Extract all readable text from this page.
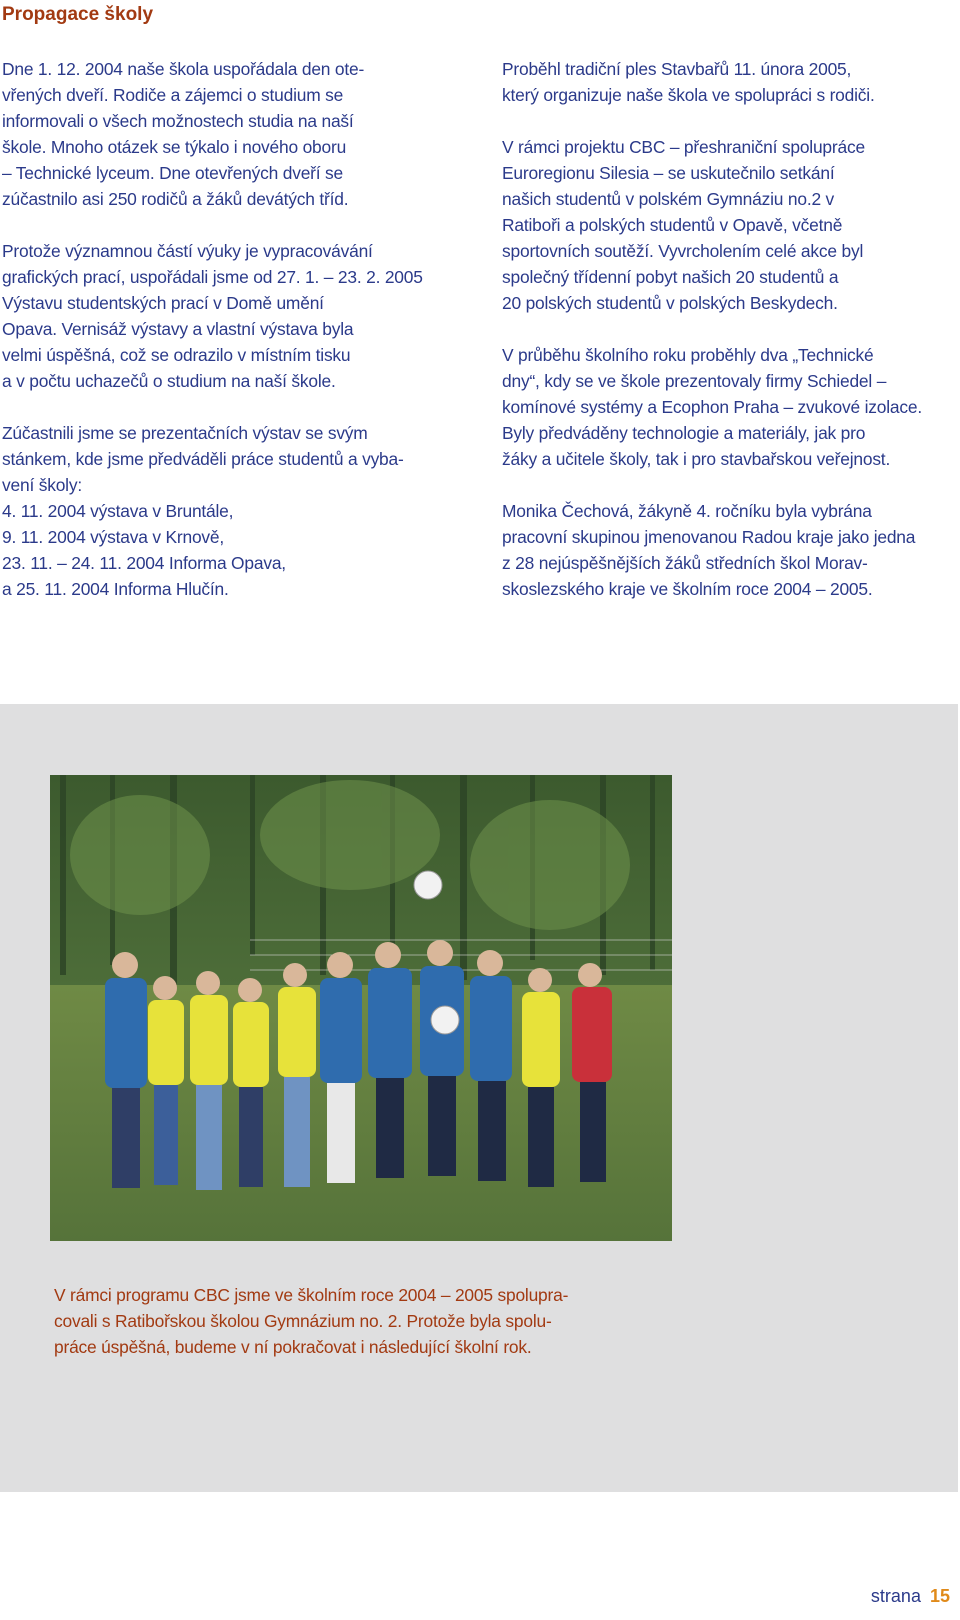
Propagace školy

Dne 1. 12. 2004 naše škola uspořádala den ote-
vřených dveří. Rodiče a zájemci o studium se
informovali o všech možnostech studia na naší
škole. Mnoho otázek se týkalo i nového oboru
– Technické lyceum. Dne otevřených dveří se
zúčastnilo asi 250 rodičů a žáků devátých tříd.

Protože významnou částí výuky je vypracovávání
grafických prací, uspořádali jsme od 27. 1. – 23. 2. 2005
Výstavu studentských prací v Domě umění
Opava. Vernisáž výstavy a vlastní výstava byla
velmi úspěšná, což se odrazilo v místním tisku
a v počtu uchazečů o studium na naší škole.

Zúčastnili jsme se prezentačních výstav se svým
stánkem, kde jsme předváděli práce studentů a vyba-
vení školy:
4. 11. 2004 výstava v Bruntále,
9. 11. 2004 výstava v Krnově,
23. 11. – 24. 11. 2004 Informa Opava,
a 25. 11. 2004 Informa Hlučín.

Proběhl tradiční ples Stavbařů 11. února 2005,
který organizuje naše škola ve spolupráci s rodiči.

V rámci projektu CBC – přeshraniční spolupráce
Euroregionu Silesia – se uskutečnilo setkání
našich studentů v polském Gymnáziu no.2 v
Ratiboři a polských studentů v Opavě, včetně
sportovních soutěží. Vyvrcholením celé akce byl
společný třídenní pobyt našich 20 studentů a
20 polských studentů v polských Beskydech.

V průběhu školního roku proběhly dva „Technické
dny“, kdy se ve škole prezentovaly firmy Schiedel –
komínové systémy a Ecophon Praha – zvukové izolace.
Byly předváděny technologie a materiály, jak pro
žáky a učitele školy, tak i pro stavbařskou veřejnost.

Monika Čechová, žákyně 4. ročníku byla vybrána
pracovní skupinou jmenovanou Radou kraje jako jedna
z 28 nejúspěšnějších žáků středních škol Morav-
skoslezského kraje ve školním roce 2004 – 2005.

V rámci programu CBC jsme ve školním roce 2004 – 2005 spolupra-
covali s Ratibořskou školou Gymnázium no. 2. Protože byla spolu-
práce úspěšná, budeme v ní pokračovat i následující školní rok.
strana 15
